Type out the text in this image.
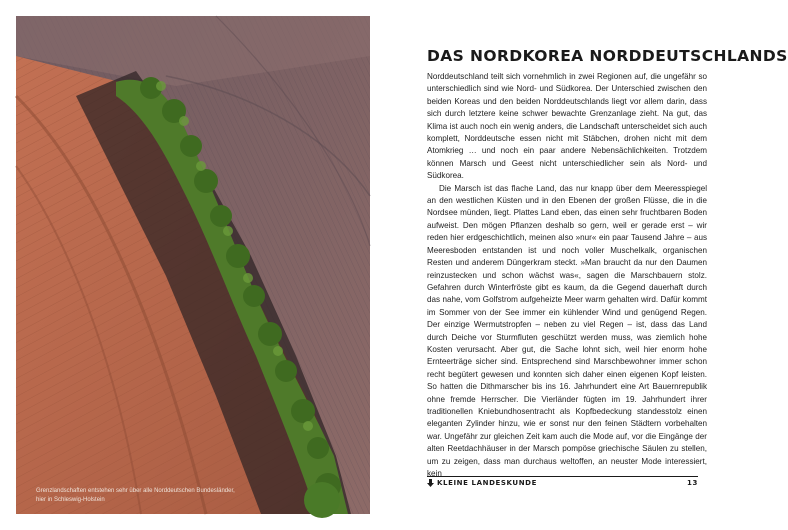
Grenzlandschaften entstehen sehr über alle Norddeutschen Bundesländer, hier in Schleswig-Holstein
DAS NORDKOREA NORDDEUTSCHLANDS

Norddeutschland teilt sich vornehmlich in zwei Regionen auf, die ungefähr so unterschiedlich sind wie Nord- und Südkorea. Der Unterschied zwischen den beiden Koreas und den beiden Norddeutschlands liegt vor allem darin, dass sich durch letztere keine schwer bewachte Grenzanlage zieht. Na gut, das Klima ist auch noch ein wenig anders, die Landschaft unterscheidet sich auch komplett, Norddeutsche essen nicht mit Stäbchen, drohen nicht mit dem Atomkrieg … und noch ein paar andere Nebensächlichkeiten. Trotzdem können Marsch und Geest nicht unterschiedlicher sein als Nord- und Südkorea.

Die Marsch ist das flache Land, das nur knapp über dem Meeresspiegel an den westlichen Küsten und in den Ebenen der großen Flüsse, die in die Nordsee münden, liegt. Plattes Land eben, das einen sehr fruchtbaren Boden aufweist. Den mögen Pflanzen deshalb so gern, weil er gerade erst – wir reden hier erdgeschichtlich, meinen also »nur« ein paar Tausend Jahre – aus Meeresboden entstanden ist und noch voller Muschelkalk, organischen Resten und anderem Düngerkram steckt. »Man braucht da nur den Daumen reinzustecken und schon wächst was«, sagen die Marschbauern stolz. Gefahren durch Winterfröste gibt es kaum, da die Gegend dauerhaft durch das nahe, vom Golfstrom aufgeheizte Meer warm gehalten wird. Dafür kommt im Sommer von der See immer ein kühlender Wind und genügend Regen. Der einzige Wermutstropfen – neben zu viel Regen – ist, dass das Land durch Deiche vor Sturmfluten geschützt werden muss, was ziemlich hohe Kosten verursacht. Aber gut, die Sache lohnt sich, weil hier enorm hohe Ernteerträge sicher sind. Entsprechend sind Marschbewohner immer schon recht begütert gewesen und konnten sich daher einen eigenen Kopf leisten. So hatten die Dithmarscher bis ins 16. Jahrhundert eine Art Bauernrepublik ohne fremde Herrscher. Die Vierländer fügten im 19. Jahrhundert ihrer traditionellen Kniebundhosentracht als Kopfbedeckung standesstolz einen eleganten Zylinder hinzu, wie er sonst nur den feinen Städtern vorbehalten war. Ungefähr zur gleichen Zeit kam auch die Mode auf, vor die Eingänge der alten Reetdachhäuser in der Marsch pompöse griechische Säulen zu stellen, um zu zeigen, dass man durchaus weltoffen, an neuster Mode interessiert, kein

KLEINE LANDESKUNDE	13
